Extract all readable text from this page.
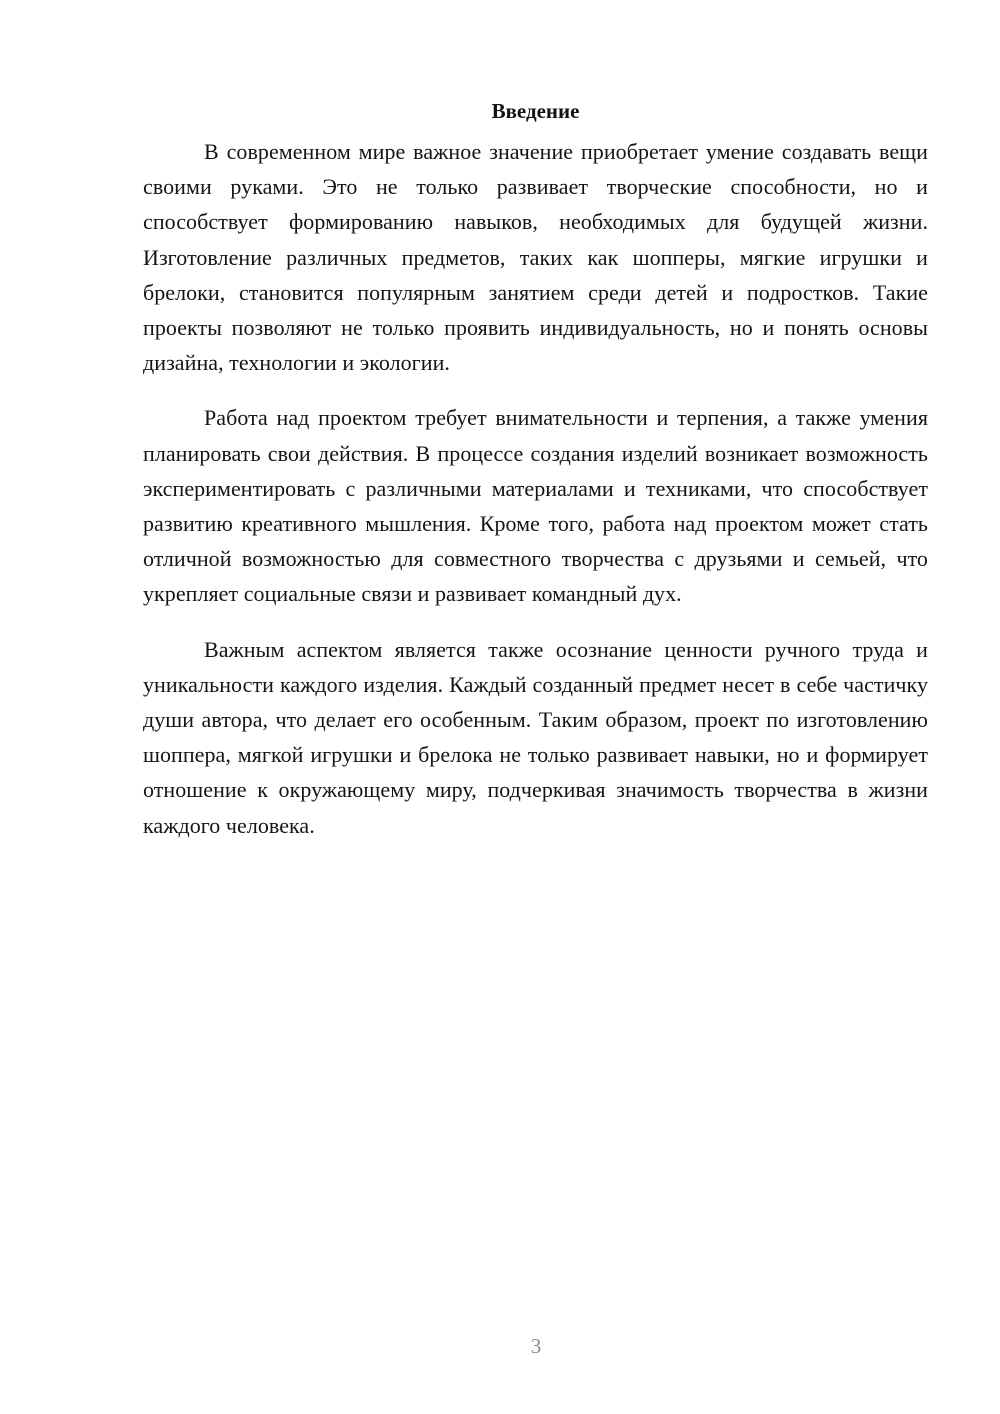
Введение

В современном мире важное значение приобретает умение создавать вещи своими руками. Это не только развивает творческие способности, но и способствует формированию навыков, необходимых для будущей жизни. Изготовление различных предметов, таких как шопперы, мягкие игрушки и брелоки, становится популярным занятием среди детей и подростков. Такие проекты позволяют не только проявить индивидуальность, но и понять основы дизайна, технологии и экологии.

Работа над проектом требует внимательности и терпения, а также умения планировать свои действия. В процессе создания изделий возникает возможность экспериментировать с различными материалами и техниками, что способствует развитию креативного мышления. Кроме того, работа над проектом может стать отличной возможностью для совместного творчества с друзьями и семьей, что укрепляет социальные связи и развивает командный дух.

Важным аспектом является также осознание ценности ручного труда и уникальности каждого изделия. Каждый созданный предмет несет в себе частичку души автора, что делает его особенным. Таким образом, проект по изготовлению шоппера, мягкой игрушки и брелока не только развивает навыки, но и формирует отношение к окружающему миру, подчеркивая значимость творчества в жизни каждого человека.

3
